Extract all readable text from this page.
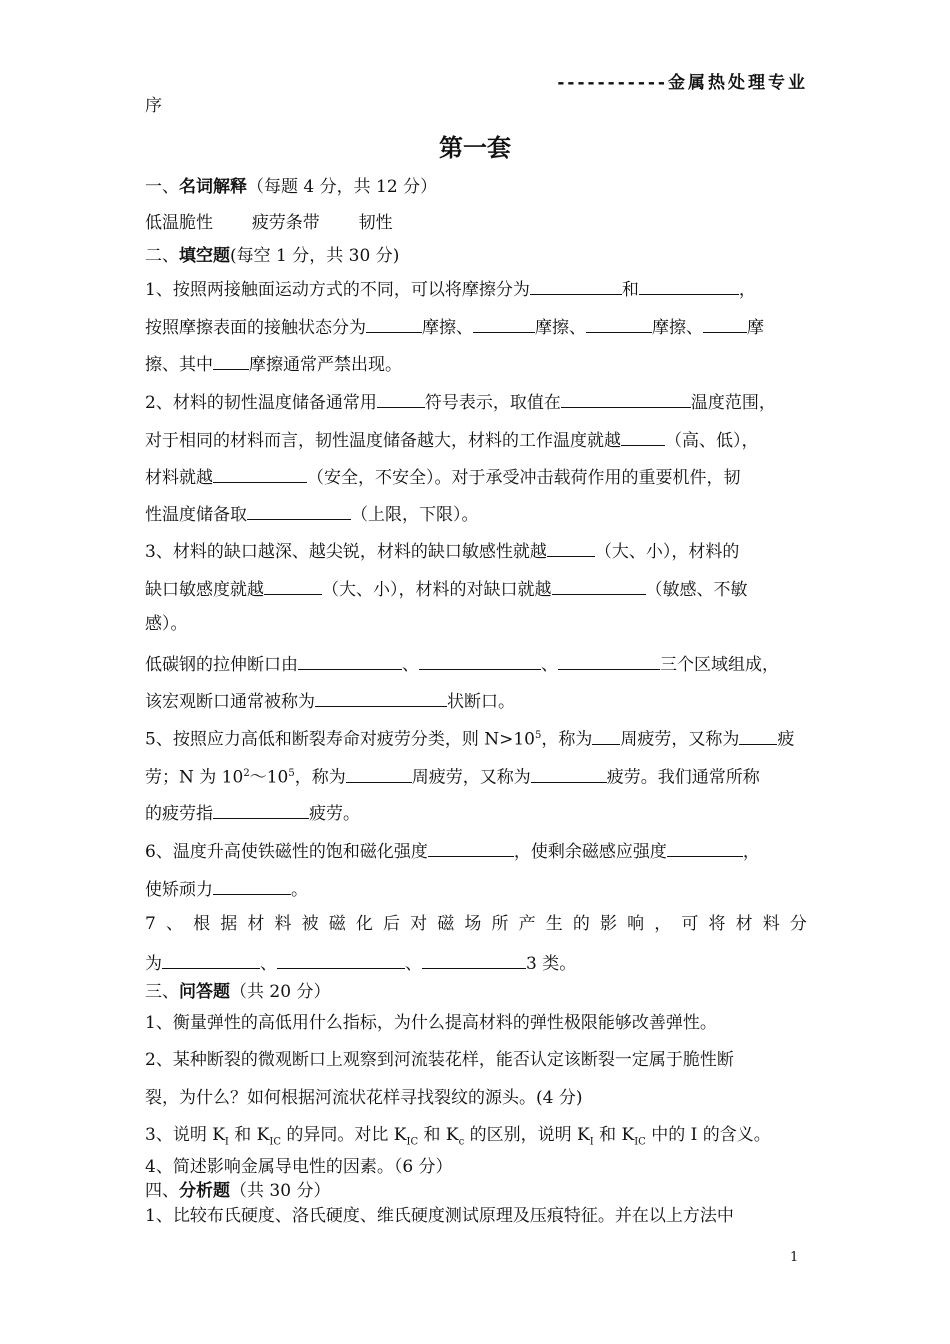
-----------金属热处理专业
序
第一套
一、名词解释（每题 4 分，共 12 分）
低温脆性 疲劳条带 韧性
二、填空题(每空 1 分，共 30 分)
1、按照两接触面运动方式的不同，可以将摩擦分为	和	，
按照摩擦表面的接触状态分为	摩擦、	摩擦、	摩擦、	摩
擦、其中 摩擦通常严禁出现。
2、材料的韧性温度储备通常用	符号表示，取值在	温度范围，
对于相同的材料而言，韧性温度储备越大，材料的工作温度就越	（高、低），
材料就越	（安全，不安全）。对于承受冲击载荷作用的重要机件，韧
性温度储备取	（上限，下限）。
3、材料的缺口越深、越尖锐，材料的缺口敏感性就越	（大、小），材料的
缺口敏感度就越	（大、小），材料的对缺口就越	（敏感、不敏
感）。
低碳钢的拉伸断口由	、	、	三个区域组成，
该宏观断口通常被称为	状断口。
5、按照应力高低和断裂寿命对疲劳分类，则 $N>10^5$，称为 周疲劳，又称为 疲
劳；N 为 $10^2\sim 10^5$，称为	周疲劳，又称为	疲劳。我们通常所称
的疲劳指	疲劳。
6、温度升高使铁磁性的饱和磁化强度	，使剩余磁感应强度	，
使矫顽力	。
7 、 根 据 材 料 被 磁 化 后 对 磁 场 所 产 生 的 影 响 ， 可 将 材 料 分
为	、	、	3 类。
三、问答题（共 20 分）
1、衡量弹性的高低用什么指标，为什么提高材料的弹性极限能够改善弹性。
2、某种断裂的微观断口上观察到河流装花样，能否认定该断裂一定属于脆性断
裂，为什么？如何根据河流状花样寻找裂纹的源头。(4 分)
3、说明 $K_I$ 和 $K_{IC}$ 的异同。对比 $K_{IC}$ 和 $K_c$ 的区别，说明 $K_I$ 和 $K_{IC}$ 中的 I 的含义。
4、简述影响金属导电性的因素。（6 分）
四、分析题（共 30 分）
1、比较布氏硬度、洛氏硬度、维氏硬度测试原理及压痕特征。并在以上方法中
1
